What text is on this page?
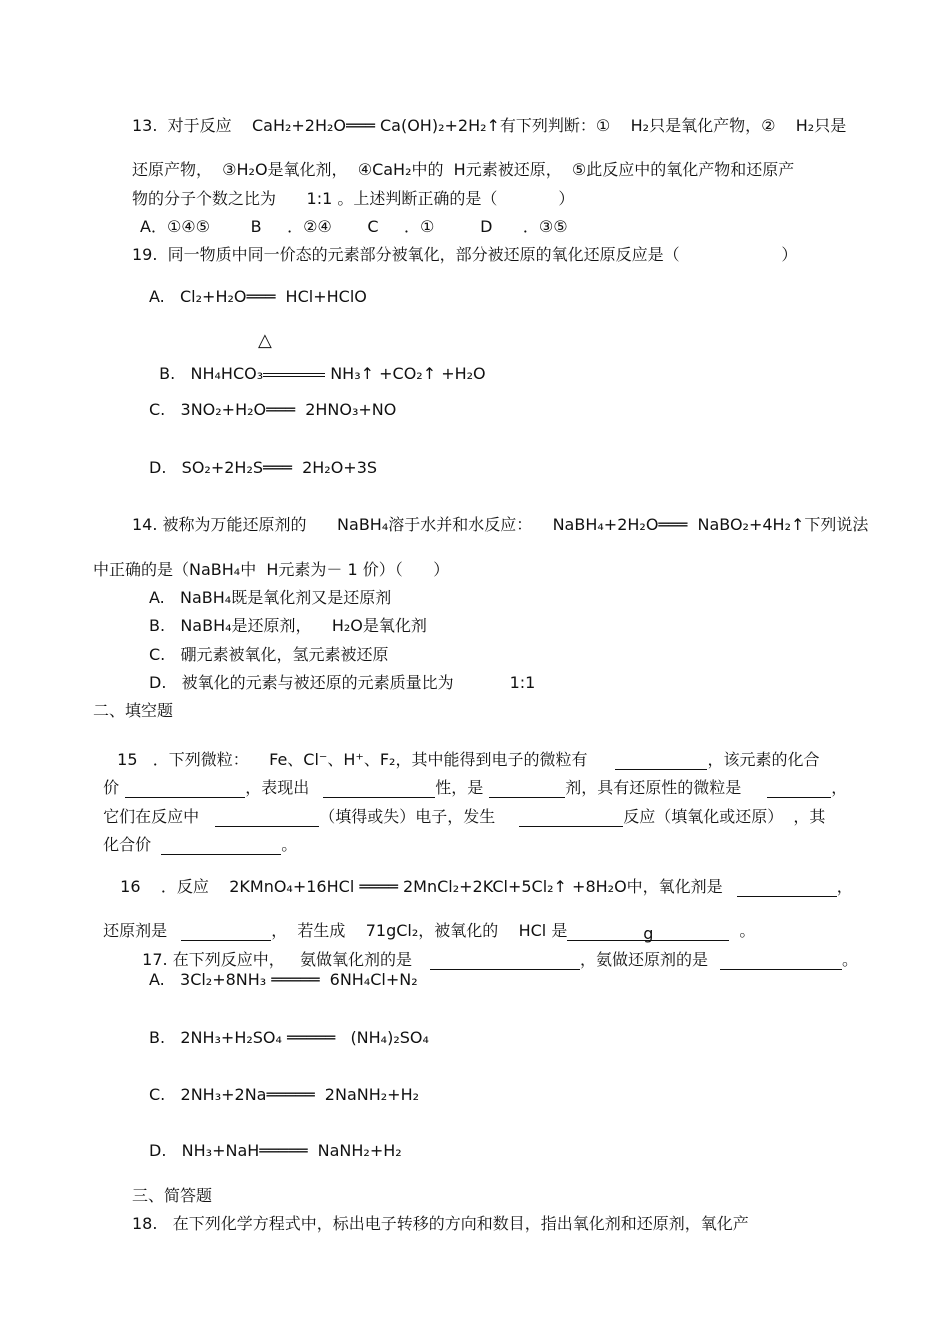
13.  对于反应    CaH₂+2H₂O═══ Ca(OH)₂+2H₂↑有下列判断：①    H₂只是氧化产物，②    H₂只是
还原产物，  ③H₂O是氧化剂，  ④CaH₂中的  H元素被还原，  ⑤此反应中的氧化产物和还原产
物的分子个数之比为      1:1 。上述判断正确的是（            ）
A．①④⑤        B     ．②④       C     ．①         D      ．③⑤
19.  同一物质中同一价态的元素部分被氧化，部分被还原的氧化还原反应是（                    ）
A.   Cl₂+H₂O═══  HCl+HClO
△

B.   NH₄HCO₃	NH₃↑ +CO₂↑ +H₂O

C.   3NO₂+H₂O═══  2HNO₃+NO
D.   SO₂+2H₂S═══  2H₂O+3S
14. 被称为万能还原剂的      NaBH₄溶于水并和水反应：    NaBH₄+2H₂O═══  NaBO₂+4H₂↑下列说法
中正确的是（NaBH₄中  H元素为－ 1 价）（      ）
A.   NaBH₄既是氧化剂又是还原剂
B.   NaBH₄是还原剂，    H₂O是氧化剂
C.   硼元素被氧化，氢元素被还原
D.   被氧化的元素与被还原的元素质量比为           1:1
二、填空题

15   ．下列微粒：    Fe、Cl⁻、H⁺、F₂，其中能得到电子的微粒有	，该元素的化合

价	，表现出	性，是	剂，具有还原性的微粒是	，

它们在反应中	（填得或失）电子，发生	反应（填氧化或还原）  ，其

化合价	。

16    ．反应    2KMnO₄+16HCl ════ 2MnCl₂+2KCl+5Cl₂↑ +8H₂O中，氧化剂是	，

还原剂是	，  若生成    71gCl₂，被氧化的    HCl 是	g	。

17. 在下列反应中，   氨做氧化剂的是	，氨做还原剂的是	。

A.   3Cl₂+8NH₃ ═════  6NH₄Cl+N₂
B.   2NH₃+H₂SO₄ ═════   (NH₄)₂SO₄
C.   2NH₃+2Na═════  2NaNH₂+H₂
D.   NH₃+NaH═════  NaNH₂+H₂
三、简答题
18.   在下列化学方程式中，标出电子转移的方向和数目，指出氧化剂和还原剂，氧化产
